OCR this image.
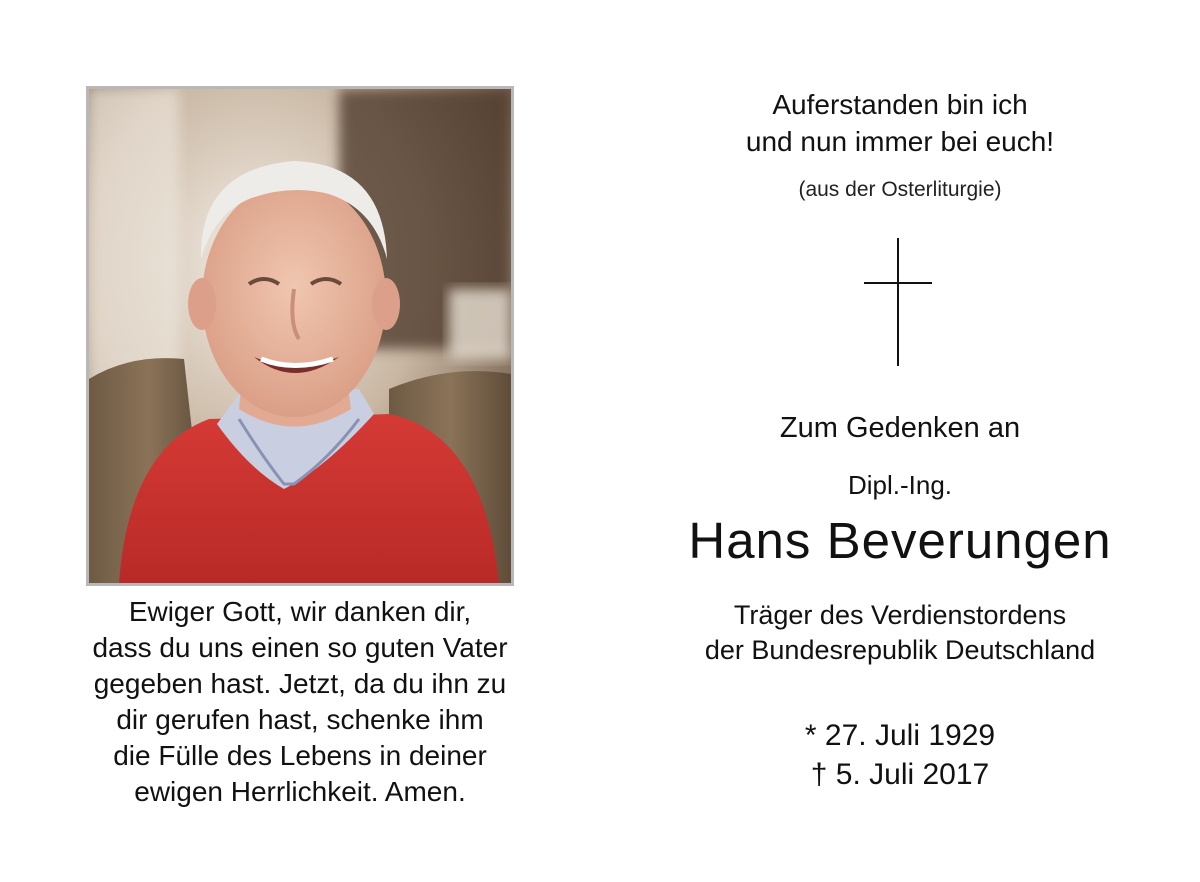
Ewiger Gott, wir danken dir,
dass du uns einen so guten Vater
gegeben hast. Jetzt, da du ihn zu
dir gerufen hast, schenke ihm
die Fülle des Lebens in deiner
ewigen Herrlichkeit. Amen.
Auferstanden bin ich
und nun immer bei euch!
(aus der Osterliturgie)
Zum Gedenken an
Dipl.-Ing.
Hans Beverungen
Träger des Verdienstordens
der Bundesrepublik Deutschland
* 27. Juli 1929
† 5. Juli 2017
